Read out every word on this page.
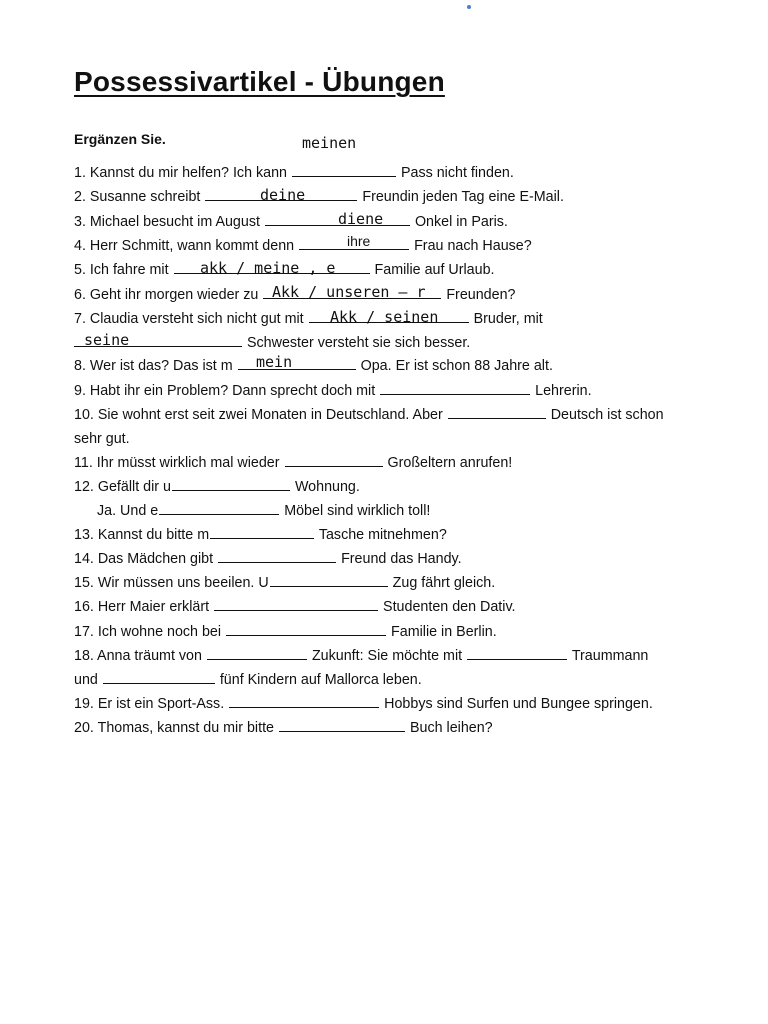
Possessivartikel - Übungen
Ergänzen Sie.	meinen
deine
diene
ihre
akk / meine , e
Akk / unseren – r
Akk / seinen
seine
mein
1. Kannst du mir helfen? Ich kann	Pass nicht finden.
2. Susanne schreibt	Freundin jeden Tag eine E-Mail.
3. Michael besucht im August	Onkel in Paris.
4. Herr Schmitt, wann kommt denn	Frau nach Hause?
5. Ich fahre mit	Familie auf Urlaub.
6. Geht ihr morgen wieder zu	Freunden?
7. Claudia versteht sich nicht gut mit	Bruder, mit
Schwester versteht sie sich besser.
8. Wer ist das? Das ist m	Opa. Er ist schon 88 Jahre alt.
9. Habt ihr ein Problem? Dann sprecht doch mit	Lehrerin.
10. Sie wohnt erst seit zwei Monaten in Deutschland. Aber	Deutsch ist schon
sehr gut.
11. Ihr müsst wirklich mal wieder	Großeltern anrufen!
12. Gefällt dir u	Wohnung.
Ja. Und e	Möbel sind wirklich toll!
13. Kannst du bitte m	Tasche mitnehmen?
14. Das Mädchen gibt	Freund das Handy.
15. Wir müssen uns beeilen. U	Zug fährt gleich.
16. Herr Maier erklärt	Studenten den Dativ.
17. Ich wohne noch bei	Familie in Berlin.
18. Anna träumt von	Zukunft: Sie möchte mit	Traummann
und	fünf Kindern auf Mallorca leben.
19. Er ist ein Sport-Ass.	Hobbys sind Surfen und Bungee springen.
20. Thomas, kannst du mir bitte	Buch leihen?
